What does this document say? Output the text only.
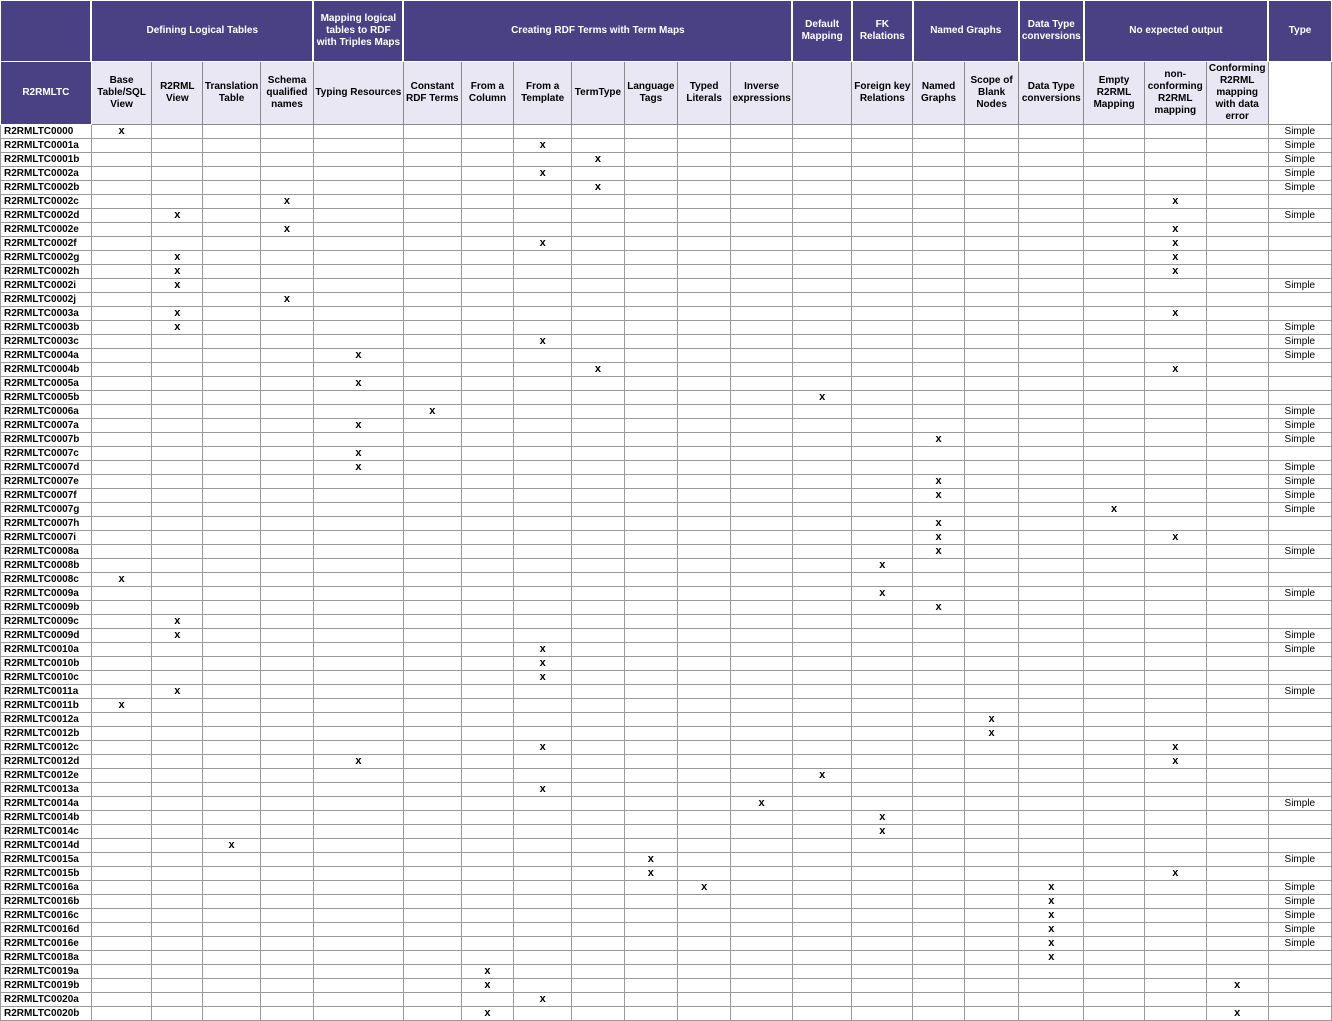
	Defining Logical Tables				Mapping logical tables to RDF with Triples Maps	Creating RDF Terms with Term Maps							Default Mapping	FK Relations	Named Graphs		Data Type conversions	No expected output			Type
R2RMLTC	Base Table/SQL View	R2RML View	Translation Table	Schema qualified names	Typing Resources	Constant RDF Terms	From a Column	From a Template	TermType	Language Tags	Typed Literals	Inverse expressions		Foreign key Relations	Named Graphs	Scope of Blank Nodes	Data Type conversions	Empty R2RML Mapping	non-conforming R2RML mapping	Conforming R2RML mapping with data error	
R2RMLTC0000	x																				Simple
R2RMLTC0001a								x													Simple
R2RMLTC0001b									x												Simple
R2RMLTC0002a								x													Simple
R2RMLTC0002b									x												Simple
R2RMLTC0002c				x															x		
R2RMLTC0002d		x																			Simple
R2RMLTC0002e				x															x		
R2RMLTC0002f								x											x		
R2RMLTC0002g		x																	x		
R2RMLTC0002h		x																	x		
R2RMLTC0002i		x																			Simple
R2RMLTC0002j				x																	
R2RMLTC0003a		x																	x		
R2RMLTC0003b		x																			Simple
R2RMLTC0003c								x													Simple
R2RMLTC0004a					x																Simple
R2RMLTC0004b									x										x		
R2RMLTC0005a					x																
R2RMLTC0005b													x								
R2RMLTC0006a						x															Simple
R2RMLTC0007a					x																Simple
R2RMLTC0007b															x						Simple
R2RMLTC0007c					x																
R2RMLTC0007d					x																Simple
R2RMLTC0007e															x						Simple
R2RMLTC0007f															x						Simple
R2RMLTC0007g																		x			Simple
R2RMLTC0007h															x						
R2RMLTC0007i															x				x		
R2RMLTC0008a															x						Simple
R2RMLTC0008b														x							
R2RMLTC0008c	x																				
R2RMLTC0009a														x							Simple
R2RMLTC0009b															x						
R2RMLTC0009c		x																			
R2RMLTC0009d		x																			Simple
R2RMLTC0010a								x													Simple
R2RMLTC0010b								x													
R2RMLTC0010c								x													
R2RMLTC0011a		x																			Simple
R2RMLTC0011b	x																				
R2RMLTC0012a																x					
R2RMLTC0012b																x					
R2RMLTC0012c								x											x		
R2RMLTC0012d					x														x		
R2RMLTC0012e													x								
R2RMLTC0013a								x													
R2RMLTC0014a												x									Simple
R2RMLTC0014b														x							
R2RMLTC0014c														x							
R2RMLTC0014d			x																		
R2RMLTC0015a										x											Simple
R2RMLTC0015b										x									x		
R2RMLTC0016a											x						x				Simple
R2RMLTC0016b																	x				Simple
R2RMLTC0016c																	x				Simple
R2RMLTC0016d																	x				Simple
R2RMLTC0016e																	x				Simple
R2RMLTC0018a																	x				
R2RMLTC0019a							x														
R2RMLTC0019b							x													x	
R2RMLTC0020a								x													
R2RMLTC0020b							x													x	
